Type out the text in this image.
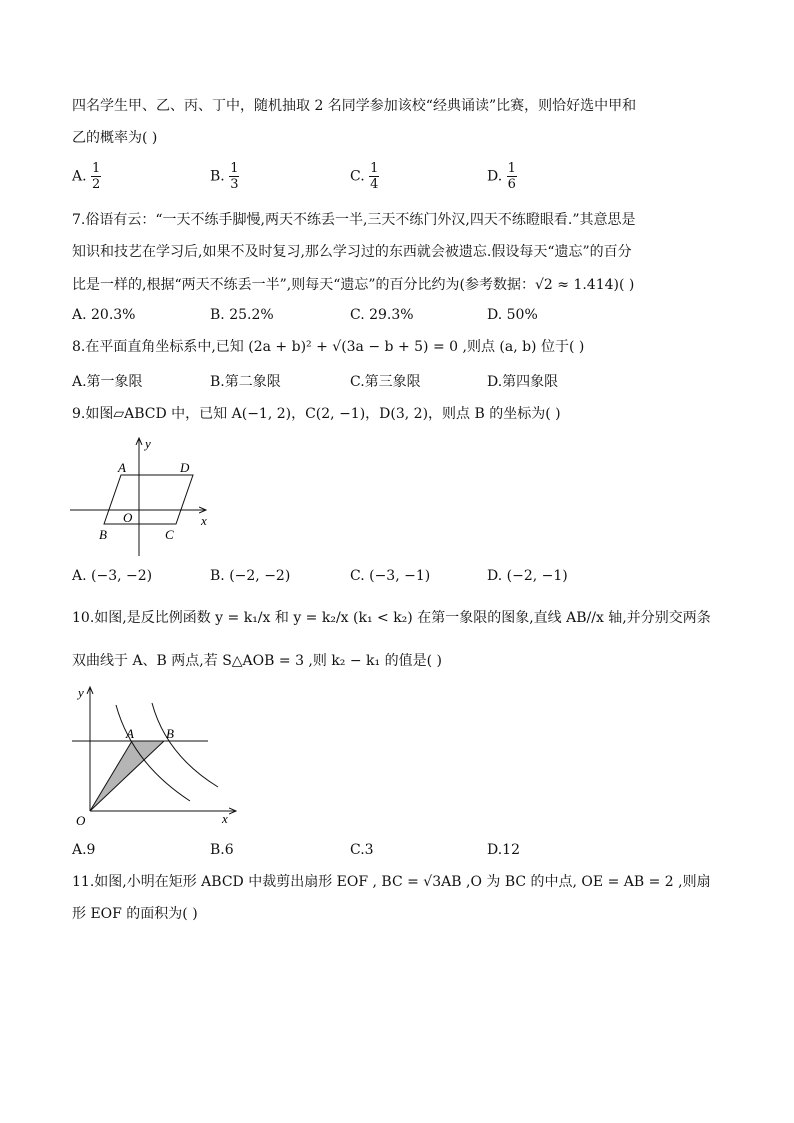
四名学生甲、乙、丙、丁中，随机抽取 2 名同学参加该校“经典诵读”比赛，则恰好选中甲和
乙的概率为( )
A. $\frac{1}{2}$	B. $\frac{1}{3}$	C. $\frac{1}{4}$	D. $\frac{1}{6}$
7.俗语有云：“一天不练手脚慢,两天不练丢一半,三天不练门外汉,四天不练瞪眼看.”其意思是
知识和技艺在学习后,如果不及时复习,那么学习过的东西就会被遗忘.假设每天“遗忘”的百分
比是一样的,根据“两天不练丢一半”,则每天“遗忘”的百分比约为(参考数据：√2 ≈ 1.414)( )
A. 20.3%	B. 25.2%	C. 29.3%	D. 50%
8.在平面直角坐标系中,已知 (2a + b)² + √(3a − b + 5) = 0 ,则点 (a, b) 位于( )
A.第一象限	B.第二象限	C.第三象限	D.第四象限
9.如图▱ABCD 中，已知 A(−1, 2)，C(2, −1)，D(3, 2)，则点 B 的坐标为( )
A	D
O
B	C
x
y
A. (−3, −2)	B. (−2, −2)	C. (−3, −1)	D. (−2, −1)
10.如图,是反比例函数 y = k₁/x 和 y = k₂/x (k₁ < k₂) 在第一象限的图象,直线 AB//x 轴,并分别交两条
双曲线于 A、B 两点,若 S△AOB = 3 ,则 k₂ − k₁ 的值是( )
y
A B
O	x
A.9	B.6	C.3	D.12
11.如图,小明在矩形 ABCD 中裁剪出扇形 EOF , BC = √3AB ,O 为 BC 的中点, OE = AB = 2 ,则扇
形 EOF 的面积为( )
